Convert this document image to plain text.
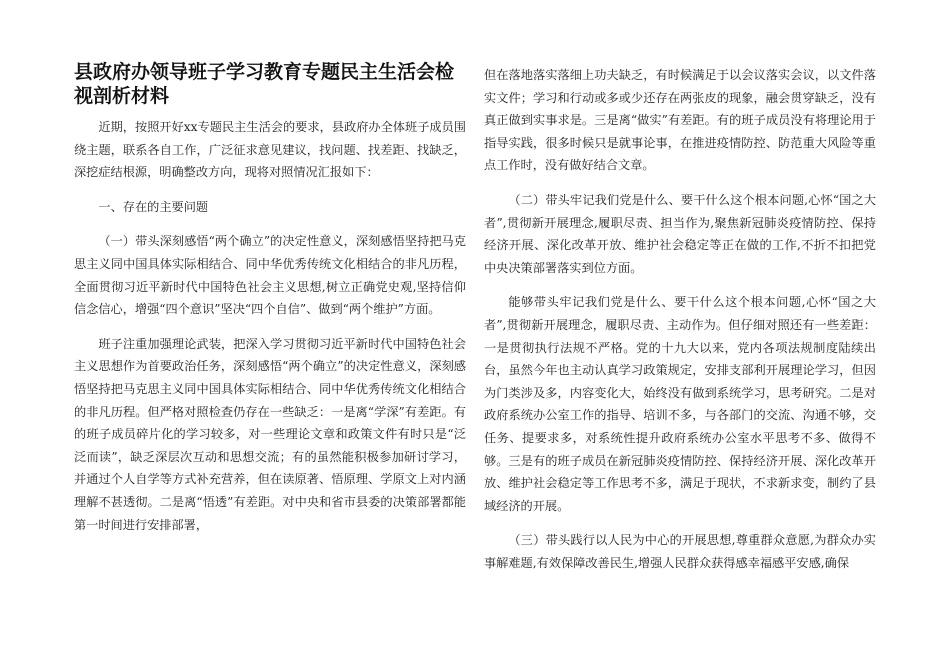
县政府办领导班子学习教育专题民主生活会检视剖析材料

近期，按照开好xx专题民主生活会的要求，县政府办全体班子成员围绕主题，联系各自工作，广泛征求意见建议，找问题、找差距、找缺乏，深挖症结根源，明确整改方向，现将对照情况汇报如下：

一、存在的主要问题

（一）带头深刻感悟“两个确立”的决定性意义，深刻感悟坚持把马克思主义同中国具体实际相结合、同中华优秀传统文化相结合的非凡历程，全面贯彻习近平新时代中国特色社会主义思想,树立正确党史观,坚持信仰信念信心，增强“四个意识”坚决“四个自信”、做到“两个维护”方面。

班子注重加强理论武装，把深入学习贯彻习近平新时代中国特色社会主义思想作为首要政治任务，深刻感悟“两个确立”的决定性意义，深刻感悟坚持把马克思主义同中国具体实际相结合、同中华优秀传统文化相结合的非凡历程。但严格对照检查仍存在一些缺乏：一是离“学深”有差距。有的班子成员碎片化的学习较多，对一些理论文章和政策文件有时只是“泛泛而读”，缺乏深层次互动和思想交流；有的虽然能积极参加研讨学习，并通过个人自学等方式补充营养，但在读原著、悟原理、学原文上对内涵理解不甚透彻。二是离“悟透”有差距。对中央和省市县委的决策部署都能第一时间进行安排部署，

但在落地落实落细上功夫缺乏，有时候满足于以会议落实会议，以文件落实文件；学习和行动或多或少还存在两张皮的现象，融会贯穿缺乏，没有真正做到实事求是。三是离“做实”有差距。有的班子成员没有将理论用于指导实践，很多时候只是就事论事，在推进疫情防控、防范重大风险等重点工作时，没有做好结合文章。

（二）带头牢记我们党是什么、要干什么这个根本问题,心怀“国之大者”,贯彻新开展理念,履职尽责、担当作为,聚焦新冠肺炎疫情防控、保持经济开展、深化改革开放、维护社会稳定等正在做的工作,不折不扣把党中央决策部署落实到位方面。

能够带头牢记我们党是什么、要干什么这个根本问题,心怀“国之大者”,贯彻新开展理念，履职尽责、主动作为。但仔细对照还有一些差距：一是贯彻执行法规不严格。党的十九大以来，党内各项法规制度陆续出台，虽然今年也主动认真学习政策规定，安排支部利开展理论学习，但因为门类涉及多，内容变化大，始终没有做到系统学习，思考研究。二是对政府系统办公室工作的指导、培训不多，与各部门的交流、沟通不够，交任务、提要求多，对系统性提升政府系统办公室水平思考不多、做得不够。三是有的班子成员在新冠肺炎疫情防控、保持经济开展、深化改革开放、维护社会稳定等工作思考不多，满足于现状，不求新求变，制约了县域经济的开展。

（三）带头践行以人民为中心的开展思想,尊重群众意愿,为群众办实事解难题,有效保障改善民生,增强人民群众获得感幸福感平安感,确保
